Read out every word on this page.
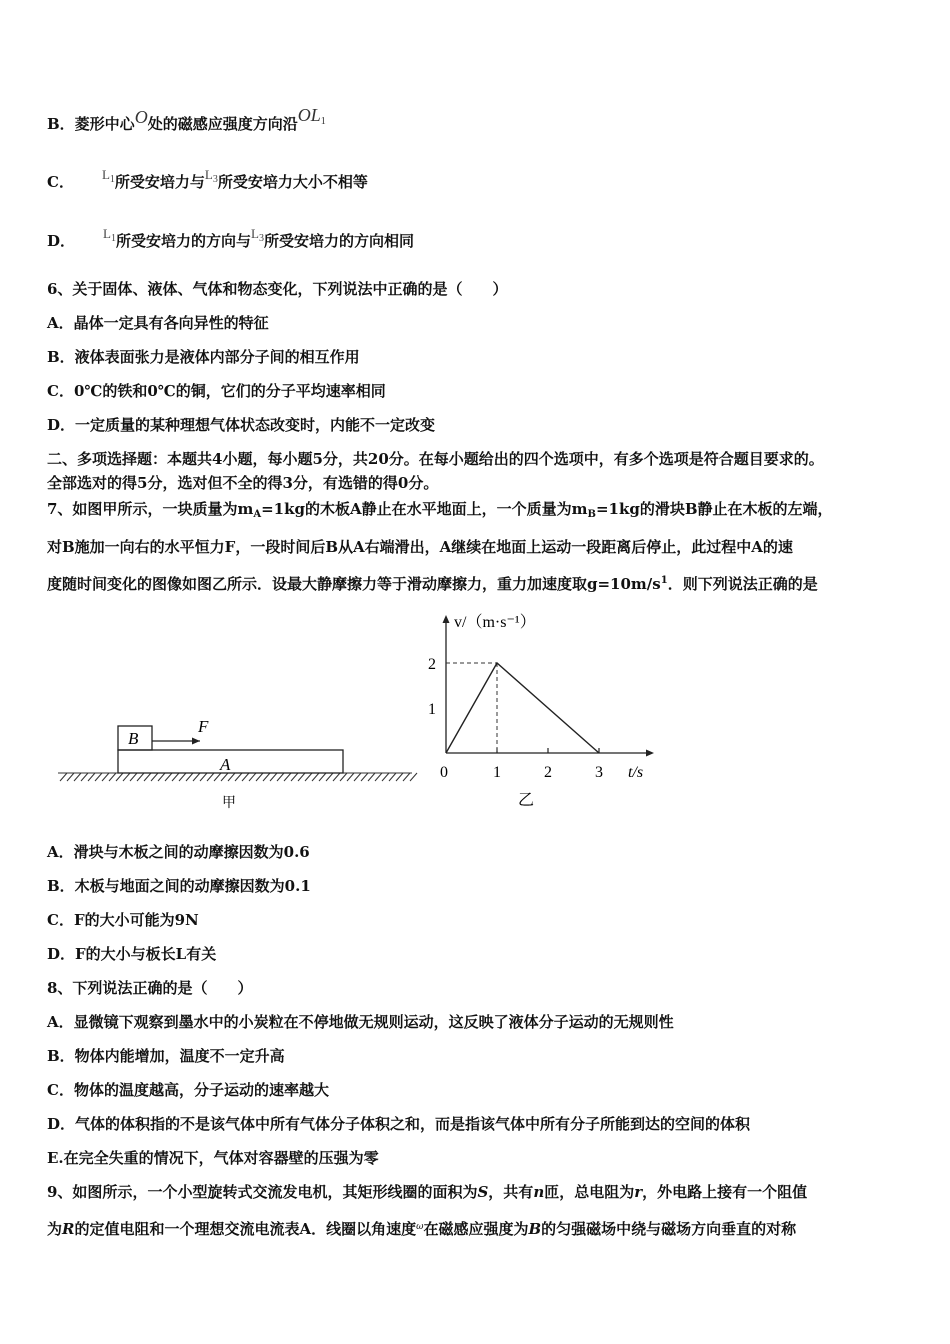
B．菱形中心O处的磁感应强度方向沿OL1
C． $L_1$所受安培力与$L_3$所受安培力大小不相等
D． $L_1$所受安培力的方向与$L_3$所受安培力的方向相同
6、关于固体、液体、气体和物态变化，下列说法中正确的是（　　）
A．晶体一定具有各向异性的特征
B．液体表面张力是液体内部分子间的相互作用
C．0℃的铁和0℃的铜，它们的分子平均速率相同
D．一定质量的某种理想气体状态改变时，内能不一定改变
二、多项选择题：本题共4小题，每小题5分，共20分。在每小题给出的四个选项中，有多个选项是符合题目要求的。
全部选对的得5分，选对但不全的得3分，有选错的得0分。
7、如图甲所示，一块质量为$m_A=1kg$的木板A静止在水平地面上，一个质量为$m_B=1kg$的滑块B静止在木板的左端，
对B施加一向右的水平恒力F，一段时间后B从A右端滑出，A继续在地面上运动一段距离后停止，此过程中A的速
度随时间变化的图像如图乙所示．设最大静摩擦力等于滑动摩擦力，重力加速度取$g=10m/s^1$．则下列说法正确的是
B
A
F
甲
v/（m·s⁻¹）
t/s
0	1	2	3
1
2
乙
A．滑块与木板之间的动摩擦因数为0.6
B．木板与地面之间的动摩擦因数为0.1
C．F的大小可能为9N
D．F的大小与板长L有关
8、下列说法正确的是（　　）
A．显微镜下观察到墨水中的小炭粒在不停地做无规则运动，这反映了液体分子运动的无规则性
B．物体内能增加，温度不一定升高
C．物体的温度越高，分子运动的速率越大
D．气体的体积指的不是该气体中所有气体分子体积之和，而是指该气体中所有分子所能到达的空间的体积
E.在完全失重的情况下，气体对容器壁的压强为零
9、如图所示，一个小型旋转式交流发电机，其矩形线圈的面积为S，共有n匝，总电阻为r，外电路上接有一个阻值
为R的定值电阻和一个理想交流电流表A．线圈以角速度$^\omega$在磁感应强度为B的匀强磁场中绕与磁场方向垂直的对称
